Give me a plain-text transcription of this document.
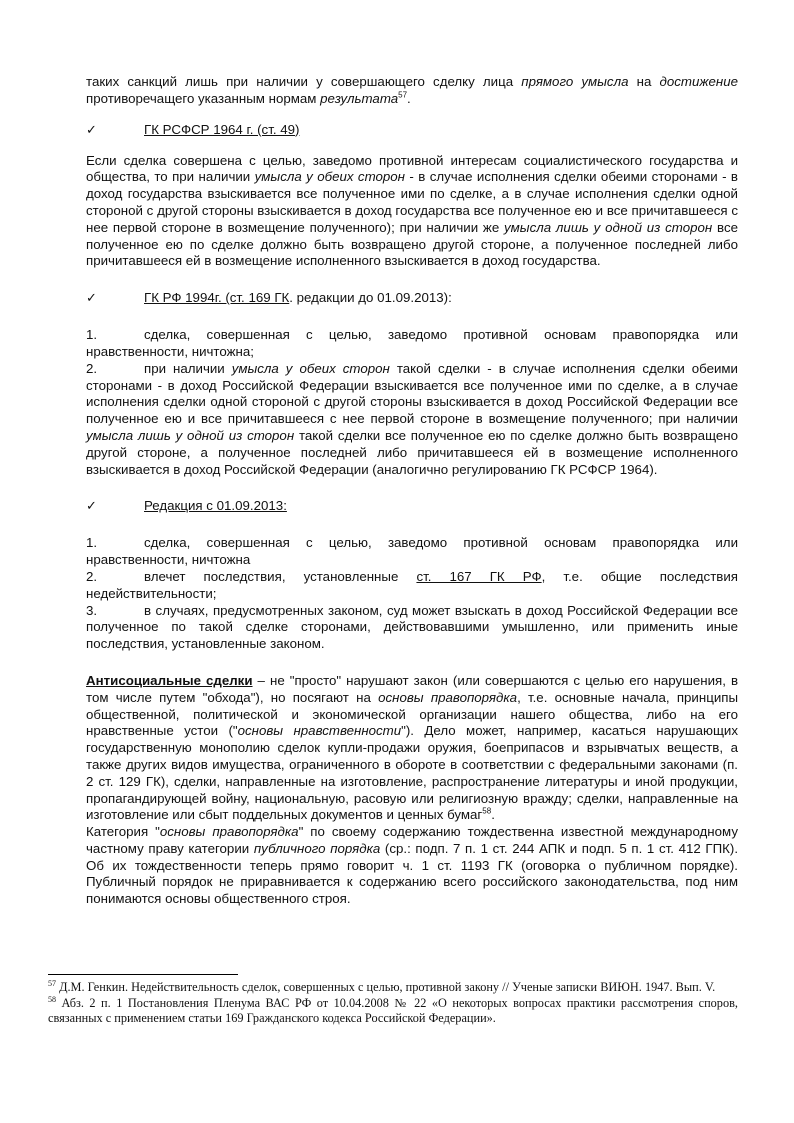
таких санкций лишь при наличии у совершающего сделку лица прямого умысла на достижение противоречащего указанным нормам результата$^{57}$.

✓	ГК РСФСР 1964 г. (ст. 49)

Если сделка совершена с целью, заведомо противной интересам социалистического государства и общества, то при наличии умысла у обеих сторон - в случае исполнения сделки обеими сторонами - в доход государства взыскивается все полученное ими по сделке, а в случае исполнения сделки одной стороной с другой стороны взыскивается в доход государства все полученное ею и все причитавшееся с нее первой стороне в возмещение полученного); при наличии же умысла лишь у одной из сторон все полученное ею по сделке должно быть возвращено другой стороне, а полученное последней либо причитавшееся ей в возмещение исполненного взыскивается в доход государства.

✓	ГК РФ 1994г. (ст. 169 ГК. редакции до 01.09.2013):
1.	сделка, совершенная с целью, заведомо противной основам правопорядка или

нравственности, ничтожна;

2.	при наличии умысла у обеих сторон такой сделки - в случае исполнения сделки обеими

сторонами - в доход Российской Федерации взыскивается все полученное ими по сделке, а в случае исполнения сделки одной стороной с другой стороны взыскивается в доход Российской Федерации все полученное ею и все причитавшееся с нее первой стороне в возмещение полученного; при наличии умысла лишь у одной из сторон такой сделки все полученное ею по сделке должно быть возвращено другой стороне, а полученное последней либо причитавшееся ей в возмещение исполненного взыскивается в доход Российской Федерации (аналогично регулированию ГК РСФСР 1964).

✓	Редакция с 01.09.2013:
1.	сделка, совершенная с целью, заведомо противной основам правопорядка или

нравственности, ничтожна

2.	влечет последствия, установленные ст. 167 ГК РФ, т.е. общие последствия

недействительности;

3.	в случаях, предусмотренных законом, суд может взыскать в доход Российской Федерации все

полученное по такой сделке сторонами, действовавшими умышленно, или применить иные последствия, установленные законом.

Антисоциальные сделки – не "просто" нарушают закон (или совершаются с целью его нарушения, в том числе путем "обхода"), но посягают на основы правопорядка, т.е. основные начала, принципы общественной, политической и экономической организации нашего общества, либо на его нравственные устои ("основы нравственности"). Дело может, например, касаться нарушающих государственную монополию сделок купли-продажи оружия, боеприпасов и взрывчатых веществ, а также других видов имущества, ограниченного в обороте в соответствии с федеральными законами (п. 2 ст. 129 ГК), сделки, направленные на изготовление, распространение литературы и иной продукции, пропагандирующей войну, национальную, расовую или религиозную вражду; сделки, направленные на изготовление или сбыт поддельных документов и ценных бумаг$^{58}$.

Категория "основы правопорядка" по своему содержанию тождественна известной международному частному праву категории публичного порядка (ср.: подп. 7 п. 1 ст. 244 АПК и подп. 5 п. 1 ст. 412 ГПК). Об их тождественности теперь прямо говорит ч. 1 ст. 1193 ГК (оговорка о публичном порядке). Публичный порядок не приравнивается к содержанию всего российского законодательства, под ним понимаются основы общественного строя.

$^{57}$ Д.М. Генкин. Недействительность сделок, совершенных с целью, противной закону // Ученые записки ВИЮН. 1947. Вып. V.

$^{58}$ Абз. 2 п. 1 Постановления Пленума ВАС РФ от 10.04.2008 № 22 «О некоторых вопросах практики рассмотрения споров, связанных с применением статьи 169 Гражданского кодекса Российской Федерации».
